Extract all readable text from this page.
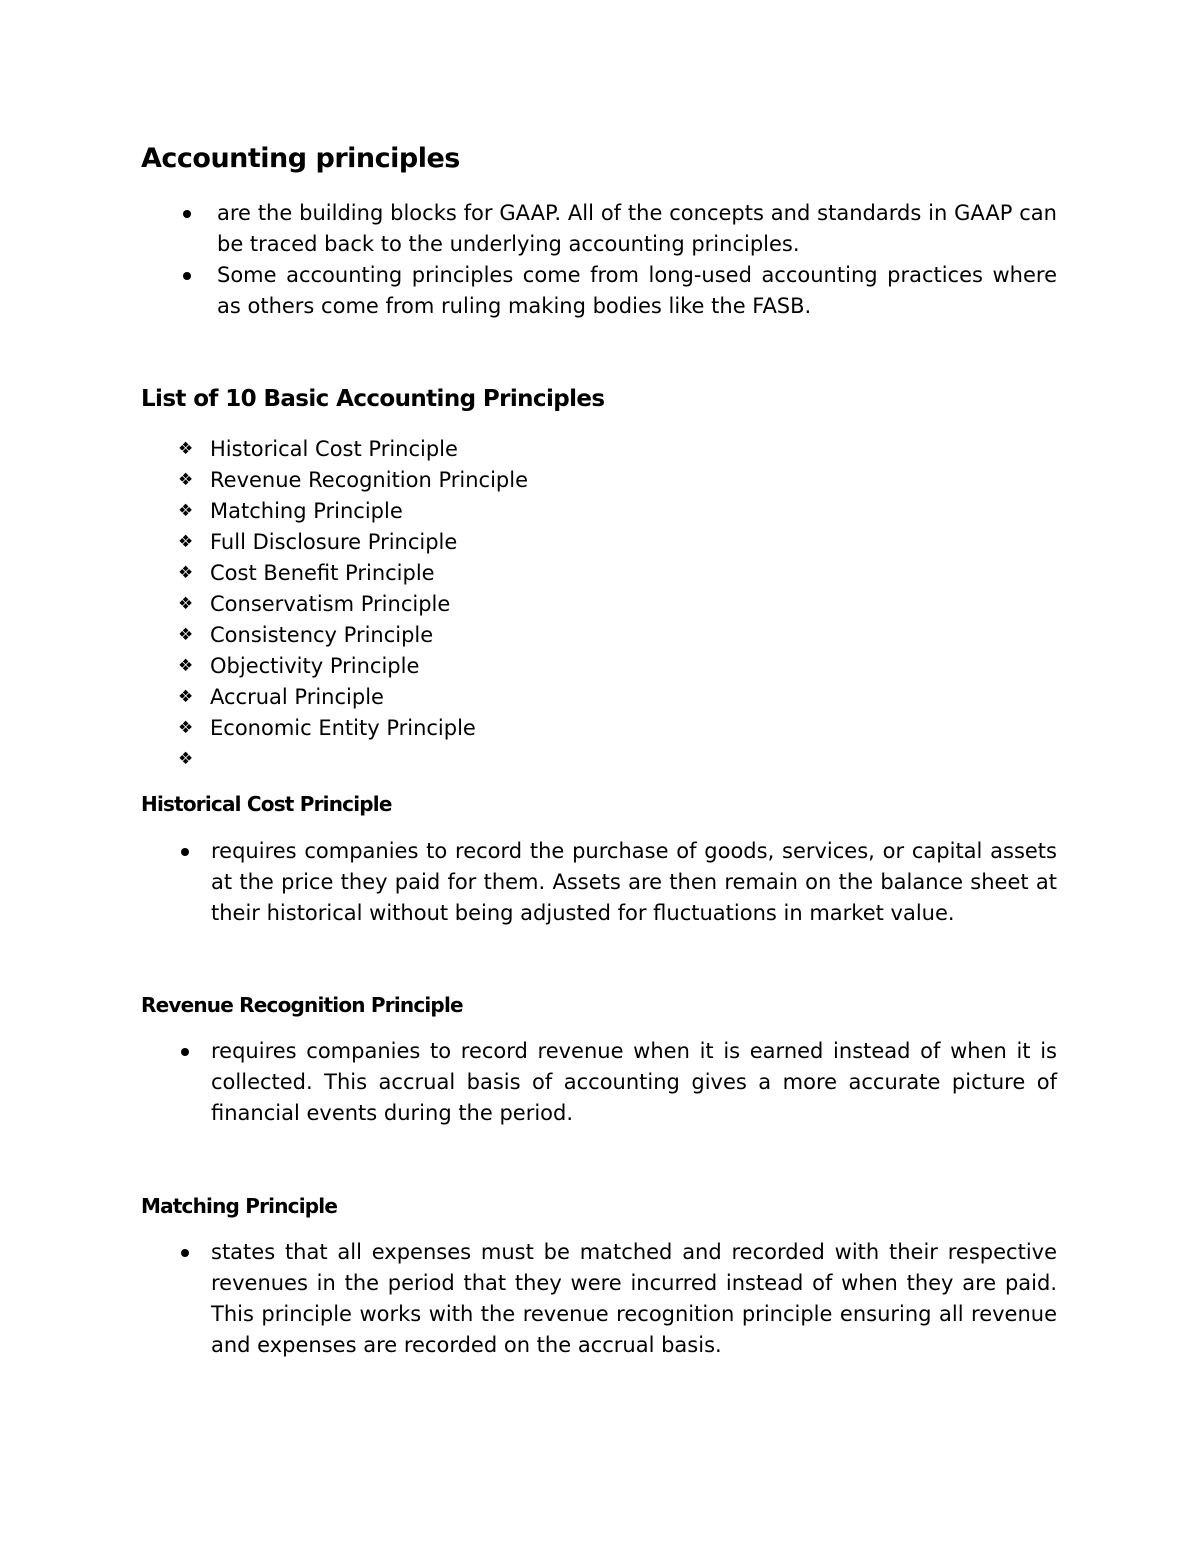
Accounting principles
are the building blocks for GAAP. All of the concepts and standards in GAAP can be traced back to the underlying accounting principles.
Some accounting principles come from long-used accounting practices where as others come from ruling making bodies like the FASB.
List of 10 Basic Accounting Principles
❖ Historical Cost Principle
❖ Revenue Recognition Principle
❖ Matching Principle
❖ Full Disclosure Principle
❖ Cost Benefit Principle
❖ Conservatism Principle
❖ Consistency Principle
❖ Objectivity Principle
❖ Accrual Principle
❖ Economic Entity Principle
❖
Historical Cost Principle
requires companies to record the purchase of goods, services, or capital assets at the price they paid for them. Assets are then remain on the balance sheet at their historical without being adjusted for fluctuations in market value.
Revenue Recognition Principle
requires companies to record revenue when it is earned instead of when it is collected. This accrual basis of accounting gives a more accurate picture of financial events during the period.
Matching Principle
states that all expenses must be matched and recorded with their respective revenues in the period that they were incurred instead of when they are paid. This principle works with the revenue recognition principle ensuring all revenue and expenses are recorded on the accrual basis.
